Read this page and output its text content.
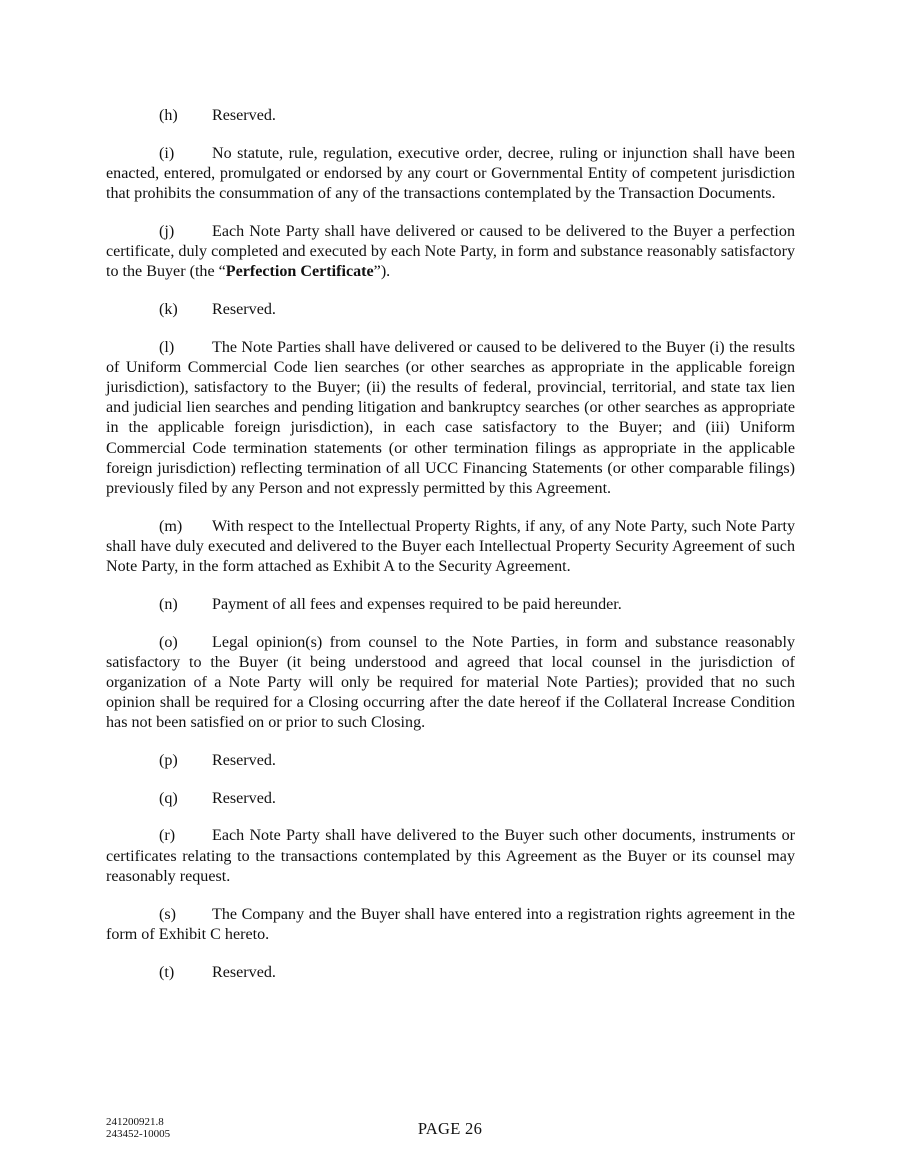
(h) Reserved.

(i) No statute, rule, regulation, executive order, decree, ruling or injunction shall have been enacted, entered, promulgated or endorsed by any court or Governmental Entity of competent jurisdiction that prohibits the consummation of any of the transactions contemplated by the Transaction Documents.

(j) Each Note Party shall have delivered or caused to be delivered to the Buyer a perfection certificate, duly completed and executed by each Note Party, in form and substance reasonably satisfactory to the Buyer (the “Perfection Certificate”).

(k) Reserved.

(l) The Note Parties shall have delivered or caused to be delivered to the Buyer (i) the results of Uniform Commercial Code lien searches (or other searches as appropriate in the applicable foreign jurisdiction), satisfactory to the Buyer; (ii) the results of federal, provincial, territorial, and state tax lien and judicial lien searches and pending litigation and bankruptcy searches (or other searches as appropriate in the applicable foreign jurisdiction), in each case satisfactory to the Buyer; and (iii) Uniform Commercial Code termination statements (or other termination filings as appropriate in the applicable foreign jurisdiction) reflecting termination of all UCC Financing Statements (or other comparable filings) previously filed by any Person and not expressly permitted by this Agreement.

(m) With respect to the Intellectual Property Rights, if any, of any Note Party, such Note Party shall have duly executed and delivered to the Buyer each Intellectual Property Security Agreement of such Note Party, in the form attached as Exhibit A to the Security Agreement.

(n) Payment of all fees and expenses required to be paid hereunder.

(o) Legal opinion(s) from counsel to the Note Parties, in form and substance reasonably satisfactory to the Buyer (it being understood and agreed that local counsel in the jurisdiction of organization of a Note Party will only be required for material Note Parties); provided that no such opinion shall be required for a Closing occurring after the date hereof if the Collateral Increase Condition has not been satisfied on or prior to such Closing.

(p) Reserved.

(q) Reserved.

(r) Each Note Party shall have delivered to the Buyer such other documents, instruments or certificates relating to the transactions contemplated by this Agreement as the Buyer or its counsel may reasonably request.

(s) The Company and the Buyer shall have entered into a registration rights agreement in the form of Exhibit C hereto.

(t) Reserved.

241200921.8
243452-10005	PAGE 26
